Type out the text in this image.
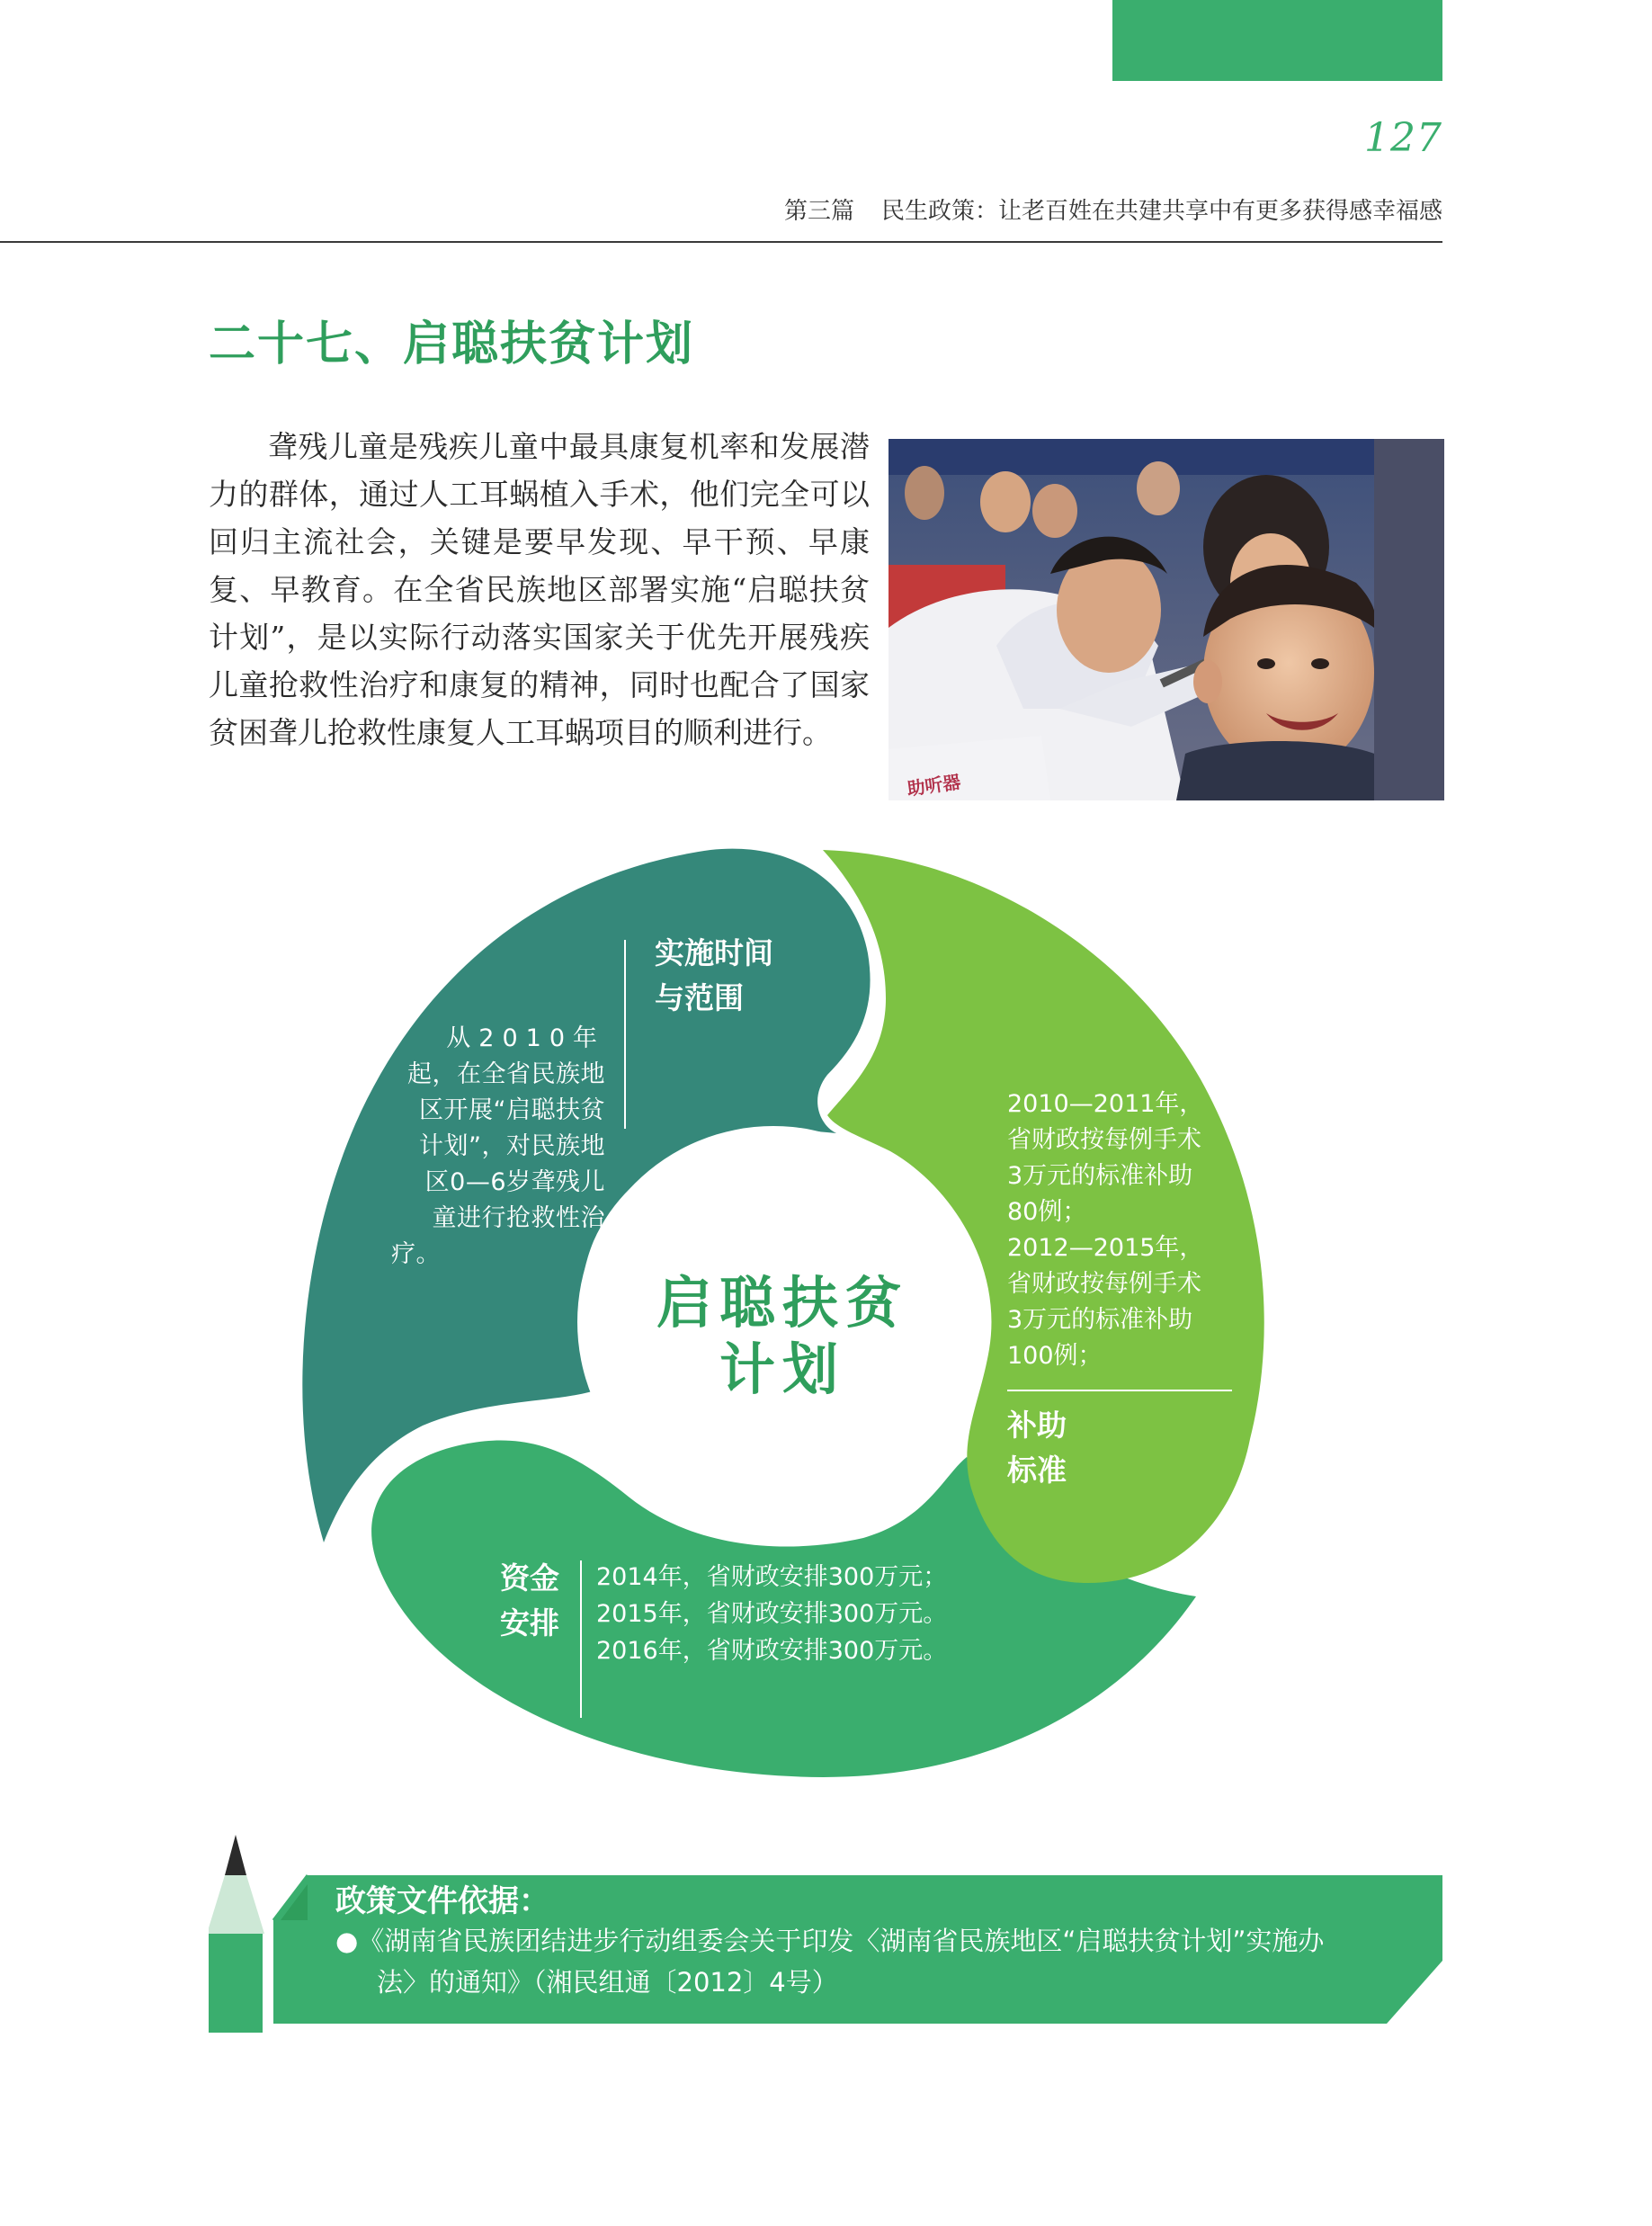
127
第三篇 民生政策：让老百姓在共建共享中有更多获得感幸福感
二十七、启聪扶贫计划

聋残儿童是残疾儿童中最具康复机率和发展潜力的群体，通过人工耳蜗植入手术，他们完全可以回归主流社会，关键是要早发现、早干预、早康复、早教育。在全省民族地区部署实施“启聪扶贫计划”，是以实际行动落实国家关于优先开展残疾儿童抢救性治疗和康复的精神，同时也配合了国家贫困聋儿抢救性康复人工耳蜗项目的顺利进行。

助听器
实施时间
与范围
从2010年
起，在全省民族地
区开展“启聪扶贫
计划”，对民族地
区0—6岁聋残儿
童进行抢救性治
疗。
2010—2011年，
省财政按每例手术
3万元的标准补助
80例；
2012—2015年，
省财政按每例手术
3万元的标准补助
100例；
补助
标准
资金
安排
2014年，省财政安排300万元；
2015年，省财政安排300万元。
2016年，省财政安排300万元。
启聪扶贫
计划
政策文件依据：
●《湖南省民族团结进步行动组委会关于印发〈湖南省民族地区“启聪扶贫计划”实施办
法〉的通知》（湘民组通〔2012〕4号）
